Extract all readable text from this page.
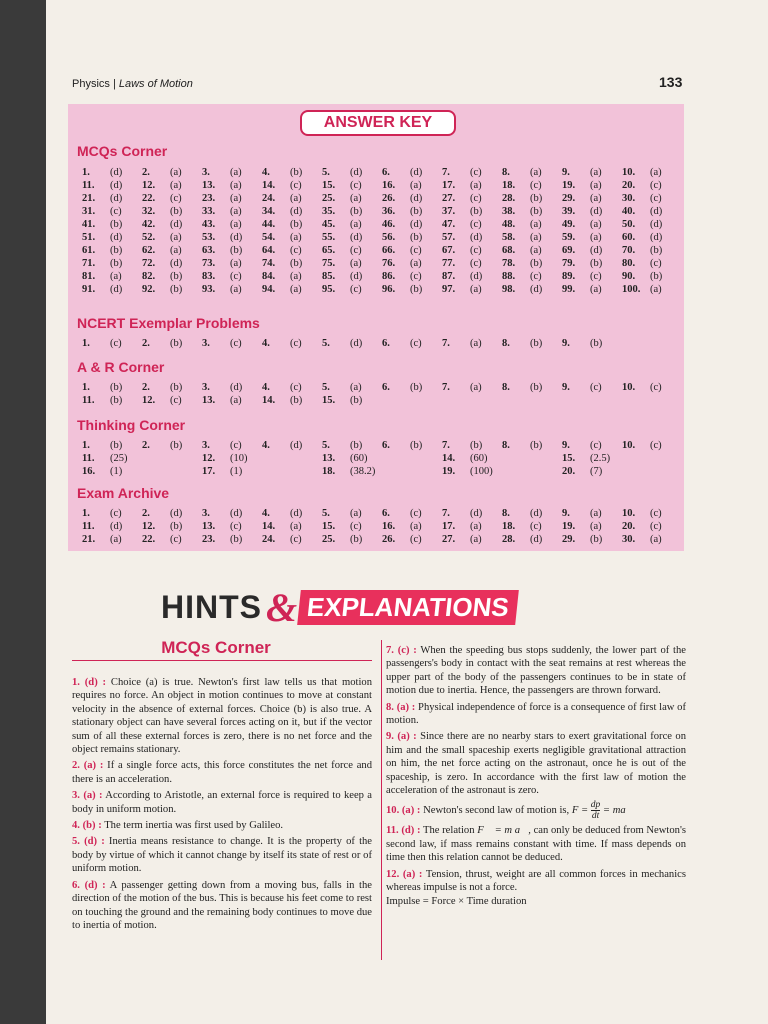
Physics | Laws of Motion	133
ANSWER KEY
MCQs Corner
1.	(d)	2.	(a)	3.	(a)	4.	(b)	5.	(d)	6.	(d)	7.	(c)	8.	(a)	9.	(a)	10.	(a)
11.	(d)	12.	(a)	13.	(a)	14.	(c)	15.	(c)	16.	(a)	17.	(a)	18.	(c)	19.	(a)	20.	(c)
21.	(d)	22.	(c)	23.	(a)	24.	(a)	25.	(a)	26.	(d)	27.	(c)	28.	(b)	29.	(a)	30.	(c)
31.	(c)	32.	(b)	33.	(a)	34.	(d)	35.	(b)	36.	(b)	37.	(b)	38.	(b)	39.	(d)	40.	(d)
41.	(b)	42.	(d)	43.	(a)	44.	(b)	45.	(a)	46.	(d)	47.	(c)	48.	(a)	49.	(a)	50.	(d)
51.	(d)	52.	(a)	53.	(d)	54.	(a)	55.	(d)	56.	(b)	57.	(d)	58.	(a)	59.	(a)	60.	(d)
61.	(b)	62.	(a)	63.	(b)	64.	(c)	65.	(c)	66.	(c)	67.	(c)	68.	(a)	69.	(d)	70.	(b)
71.	(b)	72.	(d)	73.	(a)	74.	(b)	75.	(a)	76.	(a)	77.	(c)	78.	(b)	79.	(b)	80.	(c)
81.	(a)	82.	(b)	83.	(c)	84.	(a)	85.	(d)	86.	(c)	87.	(d)	88.	(c)	89.	(c)	90.	(b)
91.	(d)	92.	(b)	93.	(a)	94.	(a)	95.	(c)	96.	(b)	97.	(a)	98.	(d)	99.	(a)	100. (a)
NCERT Exemplar Problems
1.	(c)	2.	(b)	3.	(c)	4.	(c)	5.	(d)	6.	(c)	7.	(a)	8.	(b)	9.	(b)
A & R Corner
1.	(b)	2.	(b)	3.	(d)	4.	(c)	5.	(a)	6.	(b)	7.	(a)	8.	(b)	9.	(c)	10.	(c)
11.	(b)	12.	(c)	13.	(a)	14.	(b)	15.	(b)
Thinking Corner
1.	(b)	2.	(b)	3.	(c)	4.	(d)	5.	(b)	6.	(b)	7.	(b)	8.	(b)	9.	(c)	10.	(c)
11.	(25)	12.	(10)	13.	(60)	14.	(60)	15.	(2.5)
16.	(1)	17.	(1)	18.	(38.2)	19.	(100)	20.	(7)
Exam Archive
1.	(c)	2.	(d)	3.	(d)	4.	(d)	5.	(a)	6.	(c)	7.	(d)	8.	(d)	9.	(a)	10.	(c)
11.	(d)	12.	(b)	13.	(c)	14.	(a)	15.	(c)	16.	(a)	17.	(a)	18.	(c)	19.	(a)	20.	(c)
21.	(a)	22.	(c)	23.	(b)	24.	(c)	25.	(b)	26.	(c)	27.	(a)	28.	(d)	29.	(b)	30.	(a)
HINTS & EXPLANATIONS
MCQs Corner

1. (d) : Choice (a) is true. Newton's first law tells us that motion requires no force. An object in motion continues to move at constant velocity in the absence of external forces. Choice (b) is also true. A stationary object can have several forces acting on it, but if the vector sum of all these external forces is zero, there is no net force and the object remains stationary.

2. (a) : If a single force acts, this force constitutes the net force and there is an acceleration.

3. (a) : According to Aristotle, an external force is required to keep a body in uniform motion.

4. (b) : The term inertia was first used by Galileo.

5. (d) : Inertia means resistance to change. It is the property of the body by virtue of which it cannot change by itself its state of rest or of uniform motion.

6. (d) : A passenger getting down from a moving bus, falls in the direction of the motion of the bus. This is because his feet come to rest on touching the ground and the remaining body continues to move due to inertia of motion.

7. (c) : When the speeding bus stops suddenly, the lower part of the passengers's body in contact with the seat remains at rest whereas the upper part of the body of the passengers continues to be in state of motion due to inertia. Hence, the passengers are thrown forward.

8. (a) : Physical independence of force is a consequence of first law of motion.

9. (a) : Since there are no nearby stars to exert gravitational force on him and the small spaceship exerts negligible gravitational attraction on him, the net force acting on the astronaut, once he is out of the spaceship, is zero. In accordance with the first law of motion the acceleration of the astronaut is zero.

10. (a) : Newton's second law of motion is, $F = \frac{dp}{dt}$ = ma

11. (d) : The relation F⃗ = m a⃗, can only be deduced from Newton's second law, if mass remains constant with time. If mass depends on time then this relation cannot be deduced.

12. (a) : Tension, thrust, weight are all common forces in mechanics whereas impulse is not a force.
Impulse = Force × Time duration
